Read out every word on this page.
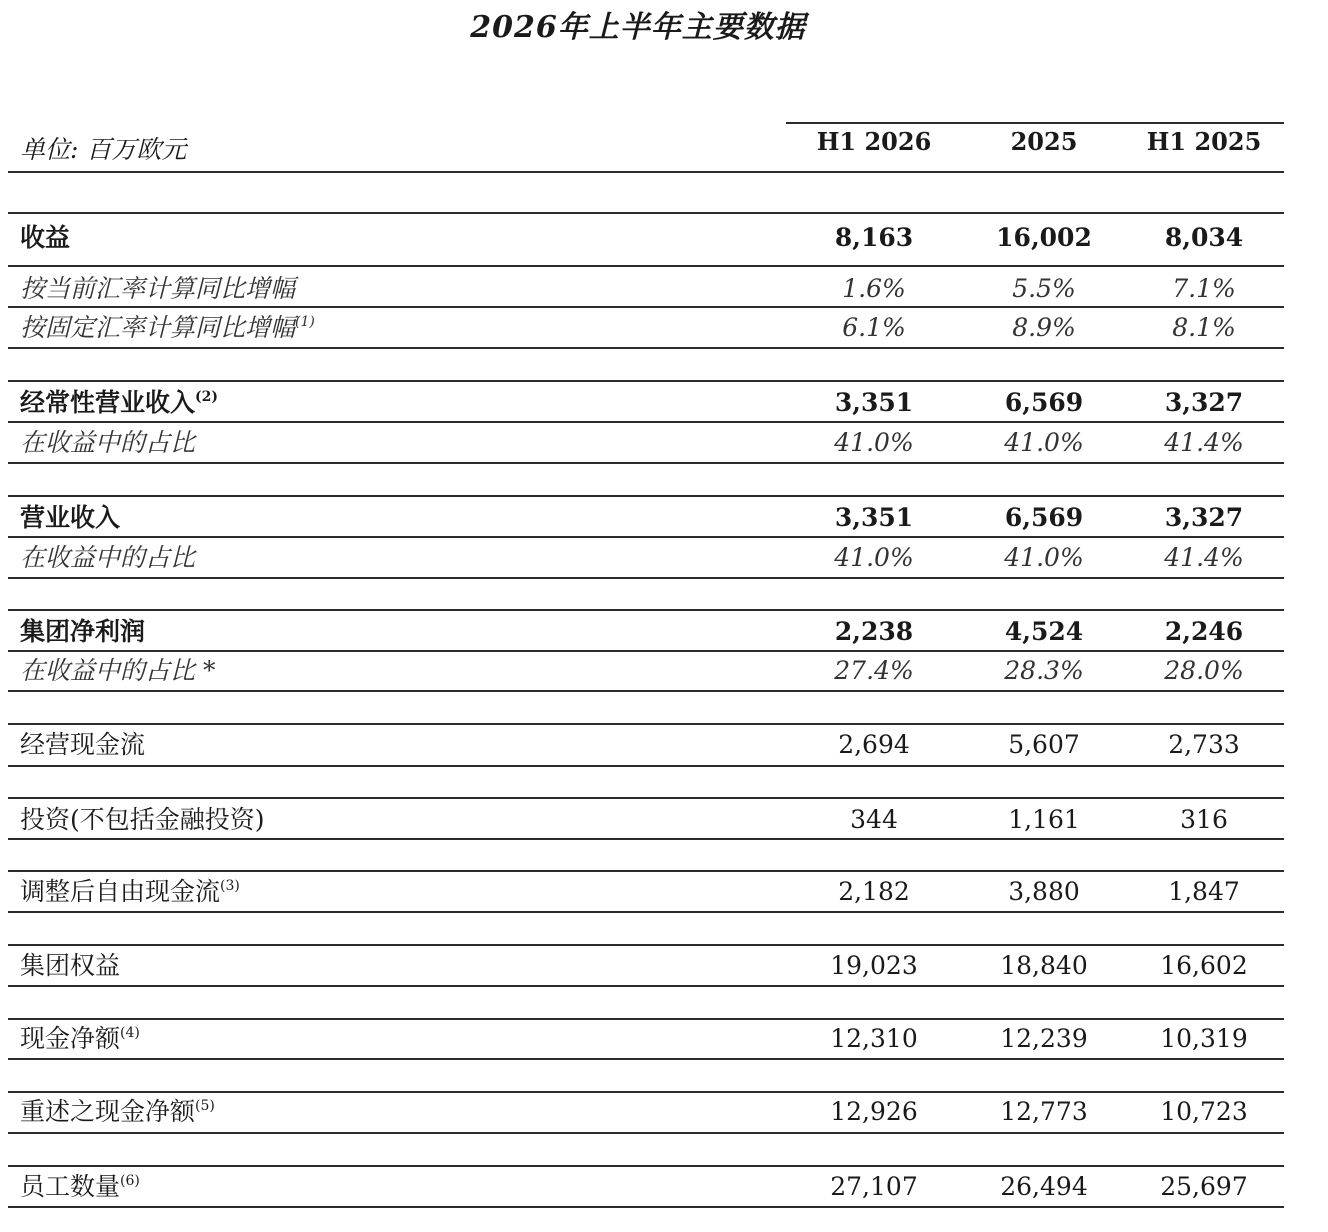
2026年上半年主要数据
单位: 百万欧元	H1 2026	2025	H1 2025
收益	8,163	16,002	8,034
按当前汇率计算同比增幅	1.6%	5.5%	7.1%
按固定汇率计算同比增幅$^{(1)}$	6.1%	8.9%	8.1%
经常性营业收入$^{(2)}$	3,351	6,569	3,327
在收益中的占比	41.0%	41.0%	41.4%
营业收入	3,351	6,569	3,327
在收益中的占比	41.0%	41.0%	41.4%
集团净利润	2,238	4,524	2,246
在收益中的占比 *	27.4%	28.3%	28.0%
经营现金流	2,694	5,607	2,733
投资(不包括金融投资)	344	1,161	316
调整后自由现金流$^{(3)}$	2,182	3,880	1,847
集团权益	19,023	18,840	16,602
现金净额$^{(4)}$	12,310	12,239	10,319
重述之现金净额$^{(5)}$	12,926	12,773	10,723
员工数量$^{(6)}$	27,107	26,494	25,697
